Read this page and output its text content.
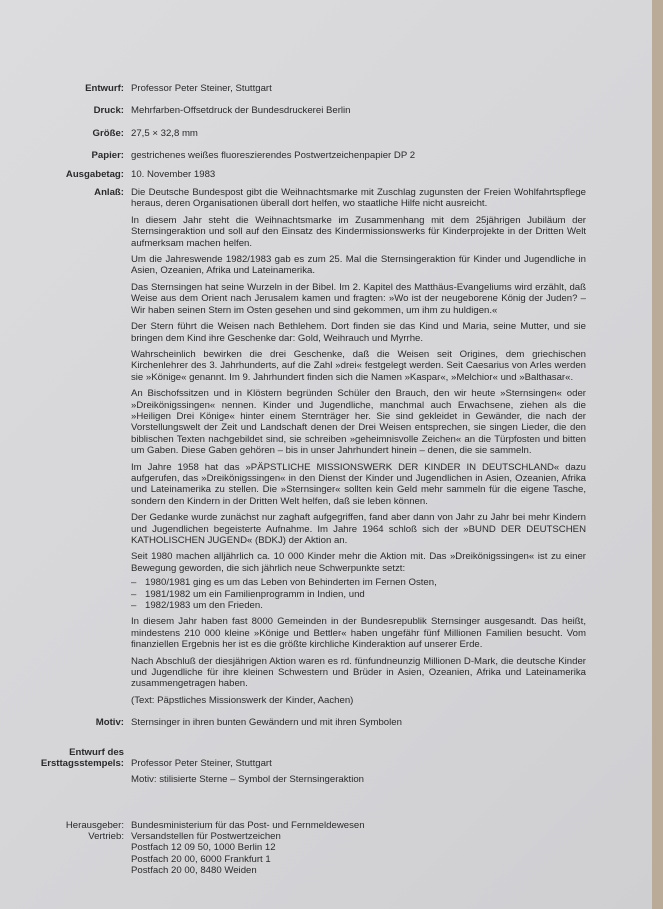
Entwurf: Professor Peter Steiner, Stuttgart
Druck: Mehrfarben-Offsetdruck der Bundesdruckerei Berlin
Größe: 27,5 × 32,8 mm
Papier: gestrichenes weißes fluoreszierendes Postwertzeichenpapier DP 2
Ausgabetag: 10. November 1983
Anlaß: Die Deutsche Bundespost gibt die Weihnachtsmarke mit Zuschlag zugunsten der Freien Wohlfahrtspflege heraus, deren Organisationen überall dort helfen, wo staatliche Hilfe nicht ausreicht.

In diesem Jahr steht die Weihnachtsmarke im Zusammenhang mit dem 25jährigen Jubiläum der Sternsingeraktion und soll auf den Einsatz des Kindermissionswerks für Kinderprojekte in der Dritten Welt aufmerksam machen helfen.

Um die Jahreswende 1982/1983 gab es zum 25. Mal die Sternsingeraktion für Kinder und Jugendliche in Asien, Ozeanien, Afrika und Lateinamerika.

Das Sternsingen hat seine Wurzeln in der Bibel. Im 2. Kapitel des Matthäus-Evangeliums wird erzählt, daß Weise aus dem Orient nach Jerusalem kamen und fragten: »Wo ist der neugeborene König der Juden? – Wir haben seinen Stern im Osten gesehen und sind gekommen, um ihm zu huldigen.«

Der Stern führt die Weisen nach Bethlehem. Dort finden sie das Kind und Maria, seine Mutter, und sie bringen dem Kind ihre Geschenke dar: Gold, Weihrauch und Myrrhe.

Wahrscheinlich bewirken die drei Geschenke, daß die Weisen seit Origines, dem griechischen Kirchenlehrer des 3. Jahrhunderts, auf die Zahl »drei« festgelegt werden. Seit Caesarius von Arles werden sie »Könige« genannt. Im 9. Jahrhundert finden sich die Namen »Kaspar«, »Melchior« und »Balthasar«.

An Bischofssitzen und in Klöstern begründen Schüler den Brauch, den wir heute »Sternsingen« oder »Dreikönigssingen« nennen. Kinder und Jugendliche, manchmal auch Erwachsene, ziehen als die »Heiligen Drei Könige« hinter einem Sternträger her. Sie sind gekleidet in Gewänder, die nach der Vorstellungswelt der Zeit und Landschaft denen der Drei Weisen entsprechen, sie singen Lieder, die den biblischen Texten nachgebildet sind, sie schreiben »geheimnisvolle Zeichen« an die Türpfosten und bitten um Gaben. Diese Gaben gehören – bis in unser Jahrhundert hinein – denen, die sie sammeln.

Im Jahre 1958 hat das »PÄPSTLICHE MISSIONSWERK DER KINDER IN DEUTSCHLAND« dazu aufgerufen, das »Dreikönigssingen« in den Dienst der Kinder und Jugendlichen in Asien, Ozeanien, Afrika und Lateinamerika zu stellen. Die »Sternsinger« sollten kein Geld mehr sammeln für die eigene Tasche, sondern den Kindern in der Dritten Welt helfen, daß sie leben können.

Der Gedanke wurde zunächst nur zaghaft aufgegriffen, fand aber dann von Jahr zu Jahr bei mehr Kindern und Jugendlichen begeisterte Aufnahme. Im Jahre 1964 schloß sich der »BUND DER DEUTSCHEN KATHOLISCHEN JUGEND« (BDKJ) der Aktion an.

Seit 1980 machen alljährlich ca. 10 000 Kinder mehr die Aktion mit. Das »Dreikönigssingen« ist zu einer Bewegung geworden, die sich jährlich neue Schwerpunkte setzt:

– 1980/1981 ging es um das Leben von Behinderten im Fernen Osten,
– 1981/1982 um ein Familienprogramm in Indien, und
– 1982/1983 um den Frieden.

In diesem Jahr haben fast 8000 Gemeinden in der Bundesrepublik Sternsinger ausgesandt. Das heißt, mindestens 210 000 kleine »Könige und Bettler« haben ungefähr fünf Millionen Familien besucht. Vom finanziellen Ergebnis her ist es die größte kirchliche Kinderaktion auf unserer Erde.

Nach Abschluß der diesjährigen Aktion waren es rd. fünfundneunzig Millionen D-Mark, die deutsche Kinder und Jugendliche für ihre kleinen Schwestern und Brüder in Asien, Ozeanien, Afrika und Lateinamerika zusammengetragen haben.

(Text: Päpstliches Missionswerk der Kinder, Aachen)

Motiv: Sternsinger in ihren bunten Gewändern und mit ihren Symbolen
Entwurf des
Ersttagsstempels: Professor Peter Steiner, Stuttgart
Motiv: stilisierte Sterne – Symbol der Sternsingeraktion
Herausgeber:
Vertrieb:
Bundesministerium für das Post- und Fernmeldewesen
Versandstellen für Postwertzeichen
Postfach 12 09 50, 1000 Berlin 12
Postfach 20 00, 6000 Frankfurt 1
Postfach 20 00, 8480 Weiden
